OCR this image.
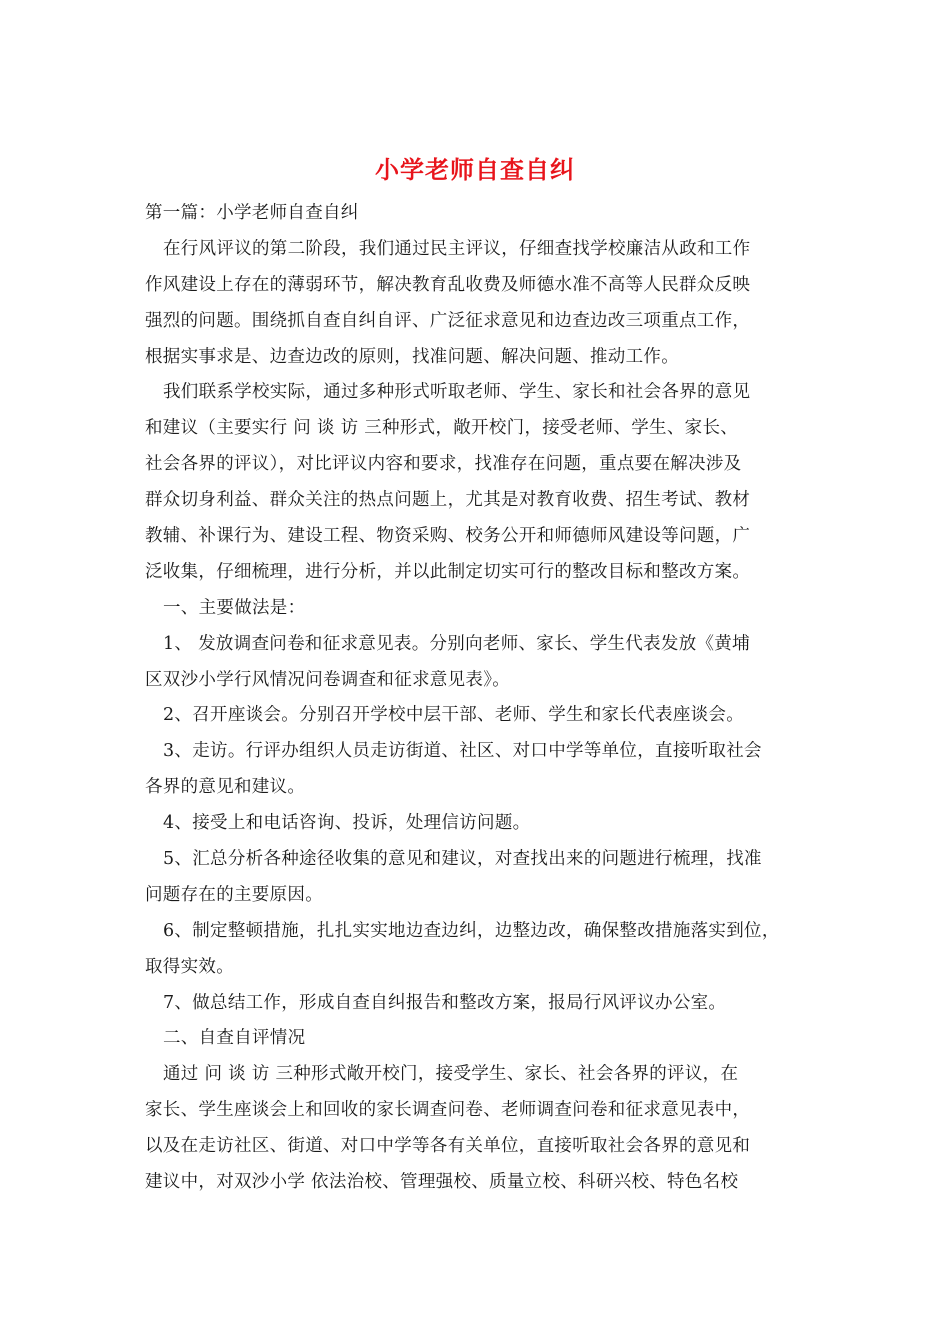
小学老师自查自纠
第一篇：小学老师自查自纠
在行风评议的第二阶段，我们通过民主评议，仔细查找学校廉洁从政和工作
作风建设上存在的薄弱环节，解决教育乱收费及师德水准不高等人民群众反映
强烈的问题。围绕抓自查自纠自评、广泛征求意见和边查边改三项重点工作，
根据实事求是、边查边改的原则，找准问题、解决问题、推动工作。
我们联系学校实际，通过多种形式听取老师、学生、家长和社会各界的意见
和建议（主要实行 问 谈 访 三种形式，敞开校门，接受老师、学生、家长、
社会各界的评议），对比评议内容和要求，找准存在问题，重点要在解决涉及
群众切身利益、群众关注的热点问题上，尤其是对教育收费、招生考试、教材
教辅、补课行为、建设工程、物资采购、校务公开和师德师风建设等问题，广
泛收集，仔细梳理，进行分析，并以此制定切实可行的整改目标和整改方案。
一、主要做法是：
1、 发放调查问卷和征求意见表。分别向老师、家长、学生代表发放《黄埔
区双沙小学行风情况问卷调查和征求意见表》。
2、召开座谈会。分别召开学校中层干部、老师、学生和家长代表座谈会。
3、走访。行评办组织人员走访街道、社区、对口中学等单位，直接听取社会
各界的意见和建议。
4、接受上和电话咨询、投诉，处理信访问题。
5、汇总分析各种途径收集的意见和建议，对查找出来的问题进行梳理，找准
问题存在的主要原因。
6、制定整顿措施，扎扎实实地边查边纠，边整边改，确保整改措施落实到位，
取得实效。
7、做总结工作，形成自查自纠报告和整改方案，报局行风评议办公室。
二、自查自评情况
通过 问 谈 访 三种形式敞开校门，接受学生、家长、社会各界的评议，在
家长、学生座谈会上和回收的家长调查问卷、老师调查问卷和征求意见表中，
以及在走访社区、街道、对口中学等各有关单位，直接听取社会各界的意见和
建议中，对双沙小学 依法治校、管理强校、质量立校、科研兴校、特色名校
